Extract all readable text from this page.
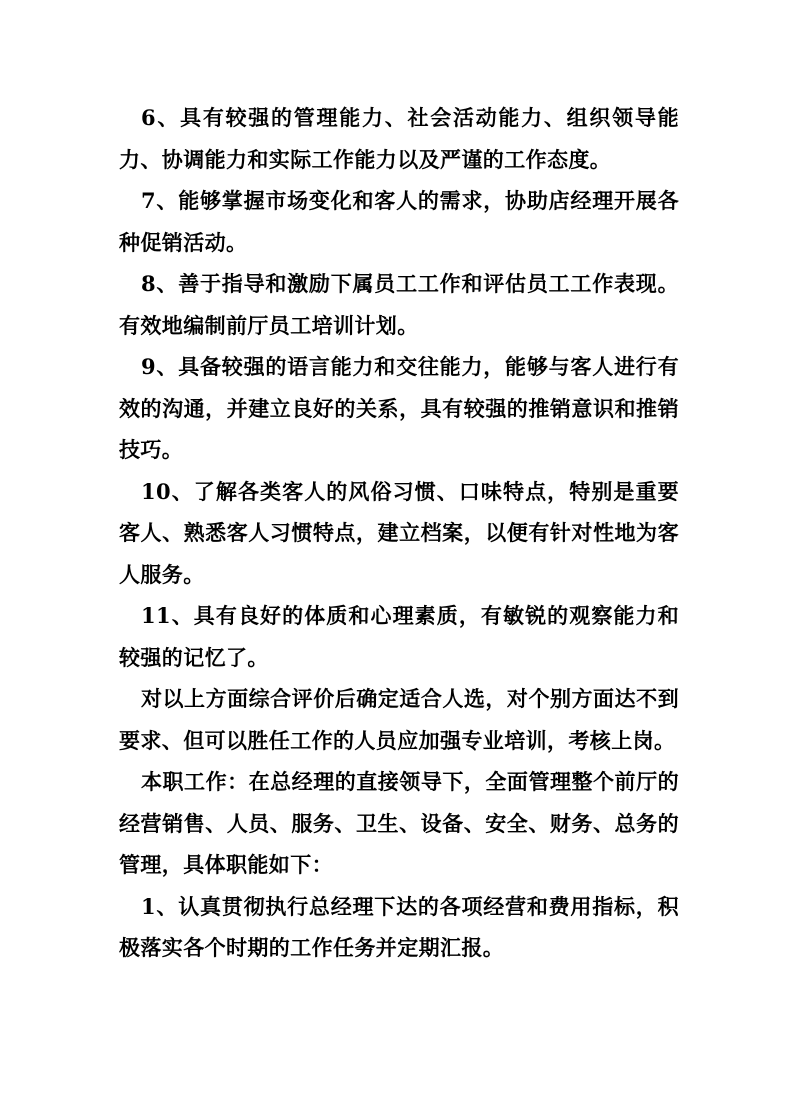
6、具有较强的管理能力、社会活动能力、组织领导能力、协调能力和实际工作能力以及严谨的工作态度。

7、能够掌握市场变化和客人的需求，协助店经理开展各种促销活动。

8、善于指导和激励下属员工工作和评估员工工作表现。有效地编制前厅员工培训计划。

9、具备较强的语言能力和交往能力，能够与客人进行有效的沟通，并建立良好的关系，具有较强的推销意识和推销技巧。

10、了解各类客人的风俗习惯、口味特点，特别是重要客人、熟悉客人习惯特点，建立档案，以便有针对性地为客人服务。

11、具有良好的体质和心理素质，有敏锐的观察能力和较强的记忆了。

对以上方面综合评价后确定适合人选，对个别方面达不到要求、但可以胜任工作的人员应加强专业培训，考核上岗。

本职工作：在总经理的直接领导下，全面管理整个前厅的经营销售、人员、服务、卫生、设备、安全、财务、总务的管理，具体职能如下：

1、认真贯彻执行总经理下达的各项经营和费用指标，积极落实各个时期的工作任务并定期汇报。
